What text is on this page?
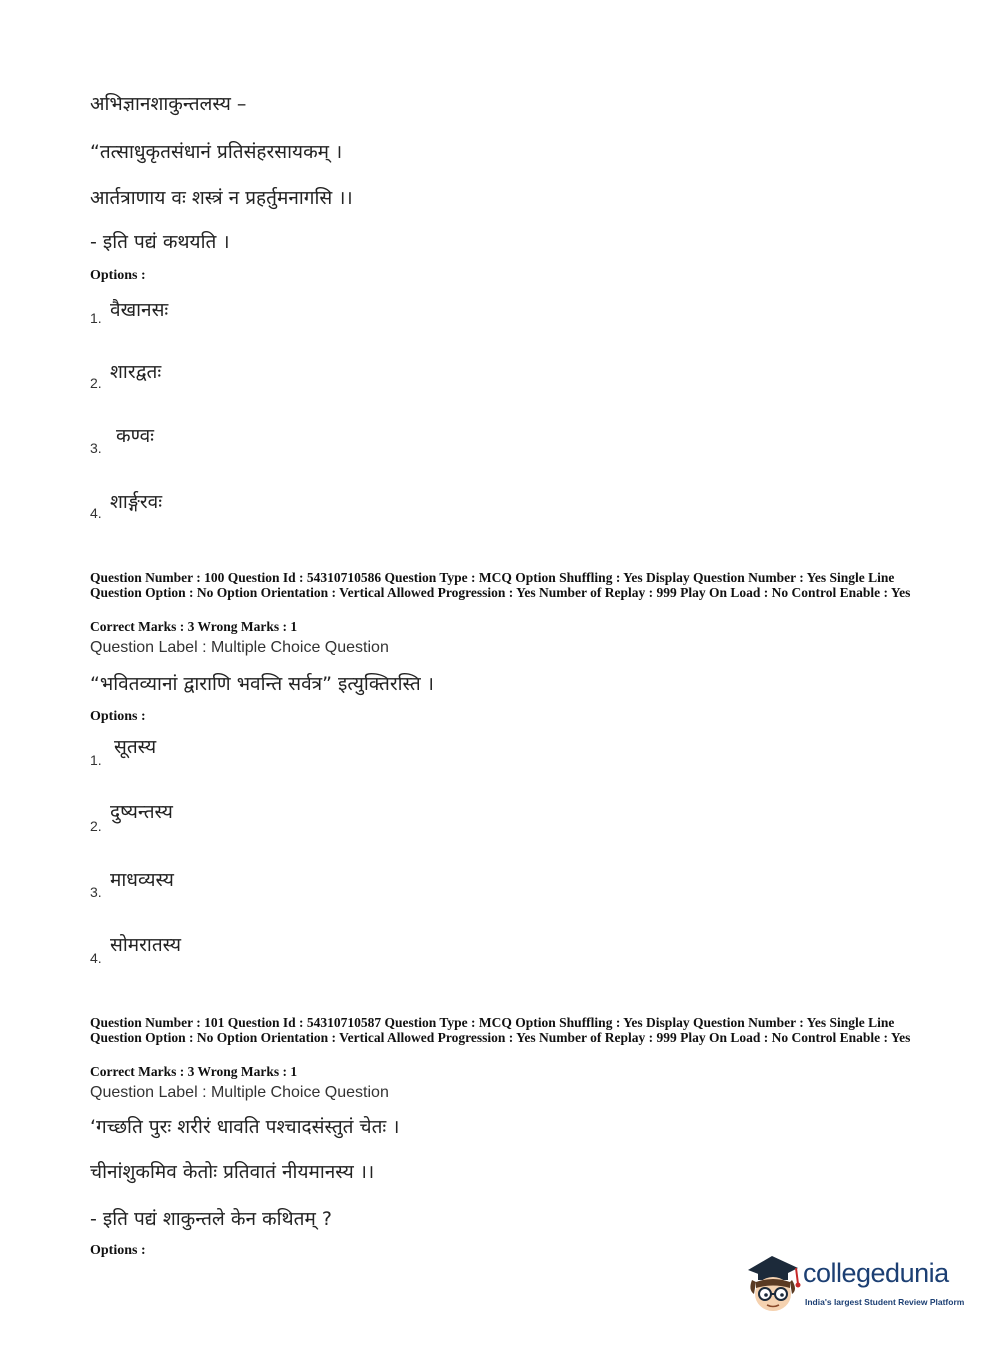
अभिज्ञानशाकुन्तलस्य –
“तत्साधुकृतसंधानं प्रतिसंहरसायकम् ।
आर्तत्राणाय वः शस्त्रं न प्रहर्तुमनागसि ।।
- इति पद्यं कथयति ।
Options :
1. वैखानसः
2. शारद्वतः
3.
कण्वः
4. शार्ङ्गरवः
Question Number : 100 Question Id : 54310710586 Question Type : MCQ Option Shuffling : Yes Display Question Number : Yes Single Line Question Option : No Option Orientation : Vertical Allowed Progression : Yes Number of Replay : 999 Play On Load : No Control Enable : Yes
Correct Marks : 3 Wrong Marks : 1
Question Label : Multiple Choice Question
“भवितव्यानां द्वाराणि भवन्ति सर्वत्र” इत्युक्तिरस्ति ।
Options :
1.
सूतस्य
2.
दुष्यन्तस्य
3.
माधव्यस्य
4.
सोमरातस्य
Question Number : 101 Question Id : 54310710587 Question Type : MCQ Option Shuffling : Yes Display Question Number : Yes Single Line Question Option : No Option Orientation : Vertical Allowed Progression : Yes Number of Replay : 999 Play On Load : No Control Enable : Yes
Correct Marks : 3 Wrong Marks : 1
Question Label : Multiple Choice Question
‘गच्छति पुरः शरीरं धावति पश्चादसंस्तुतं चेतः ।
चीनांशुकमिव केतोः प्रतिवातं नीयमानस्य ।।
- इति पद्यं शाकुन्तले केन कथितम् ?
Options :
collegedunia
India's largest Student Review Platform
